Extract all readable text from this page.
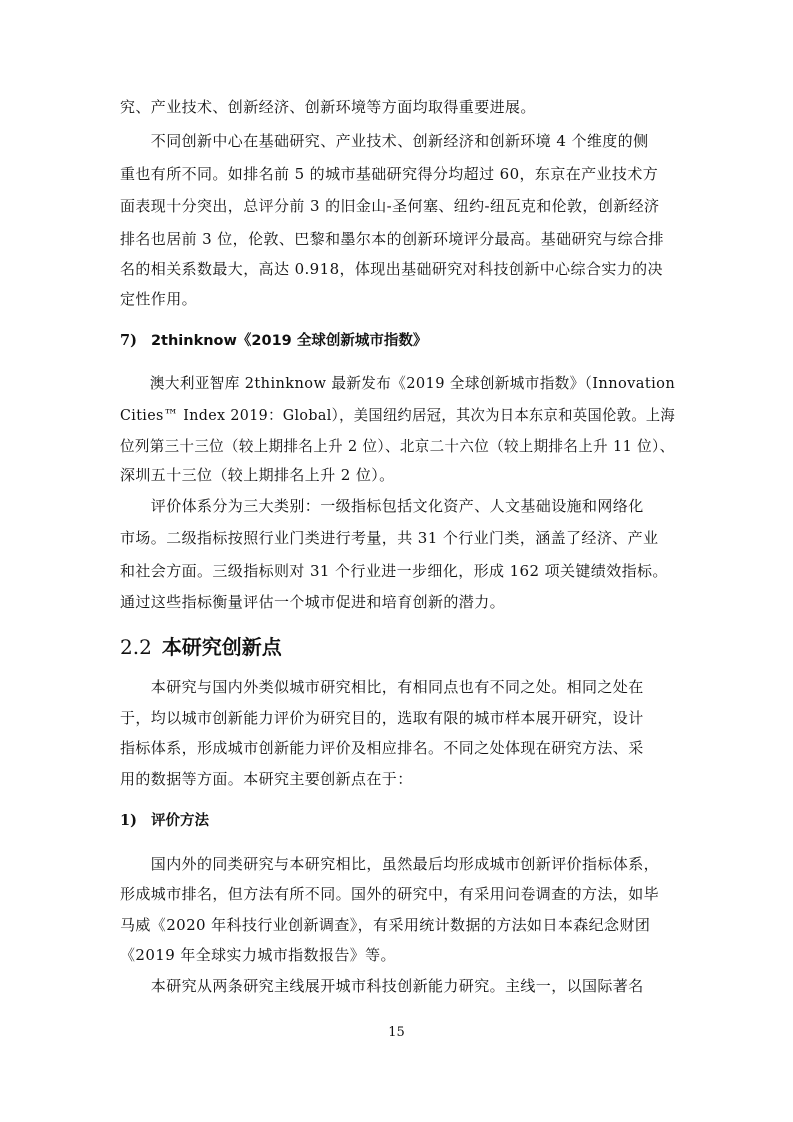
究、产业技术、创新经济、创新环境等方面均取得重要进展。
　　不同创新中心在基础研究、产业技术、创新经济和创新环境 4 个维度的侧
重也有所不同。如排名前 5 的城市基础研究得分均超过 60，东京在产业技术方
面表现十分突出，总评分前 3 的旧金山-圣何塞、纽约-纽瓦克和伦敦，创新经济
排名也居前 3 位，伦敦、巴黎和墨尔本的创新环境评分最高。基础研究与综合排
名的相关系数最大，高达 0.918，体现出基础研究对科技创新中心综合实力的决
定性作用。
7) 2thinknow《2019 全球创新城市指数》
　　澳大利亚智库 2thinknow 最新发布《2019 全球创新城市指数》（Innovation
Cities™ Index 2019：Global），美国纽约居冠，其次为日本东京和英国伦敦。上海
位列第三十三位（较上期排名上升 2 位）、北京二十六位（较上期排名上升 11 位）、
深圳五十三位（较上期排名上升 2 位）。
　　评价体系分为三大类别：一级指标包括文化资产、人文基础设施和网络化
市场。二级指标按照行业门类进行考量，共 31 个行业门类，涵盖了经济、产业
和社会方面。三级指标则对 31 个行业进一步细化，形成 162 项关键绩效指标。
通过这些指标衡量评估一个城市促进和培育创新的潜力。
2.2 本研究创新点
　　本研究与国内外类似城市研究相比，有相同点也有不同之处。相同之处在
于，均以城市创新能力评价为研究目的，选取有限的城市样本展开研究，设计
指标体系，形成城市创新能力评价及相应排名。不同之处体现在研究方法、采
用的数据等方面。本研究主要创新点在于：
1) 评价方法
　　国内外的同类研究与本研究相比，虽然最后均形成城市创新评价指标体系，
形成城市排名，但方法有所不同。国外的研究中，有采用问卷调查的方法，如毕
马威《2020 年科技行业创新调查》，有采用统计数据的方法如日本森纪念财团
《2019 年全球实力城市指数报告》等。
　　本研究从两条研究主线展开城市科技创新能力研究。主线一，以国际著名
15
